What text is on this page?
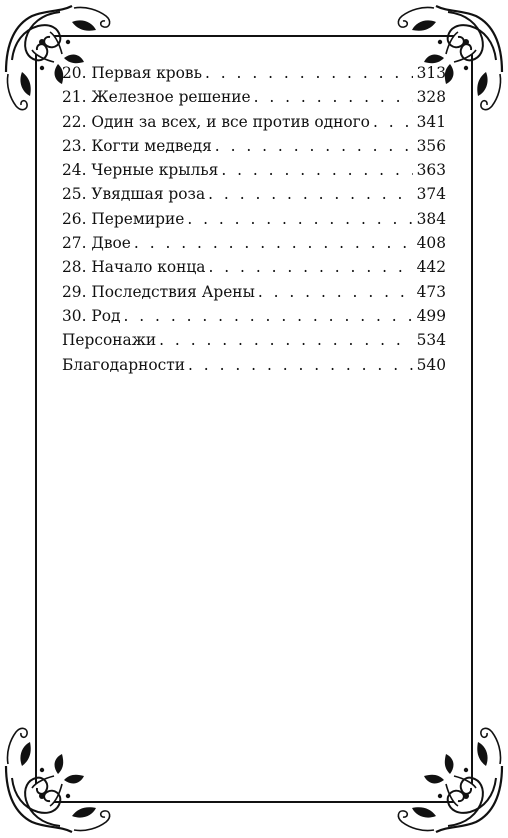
20. Первая кровь . . .	313
21. Железное решение . . .	328
22. Один за всех, и все против одного . . .	341
23. Когти медведя . . .	356
24. Черные крылья . . .	363
25. Увядшая роза . . .	374
26. Перемирие . . .	384
27. Двое . . .	408
28. Начало конца . . .	442
29. Последствия Арены . . .	473
30. Род . . .	499
Персонажи . . .	534
Благодарности . . .	540
